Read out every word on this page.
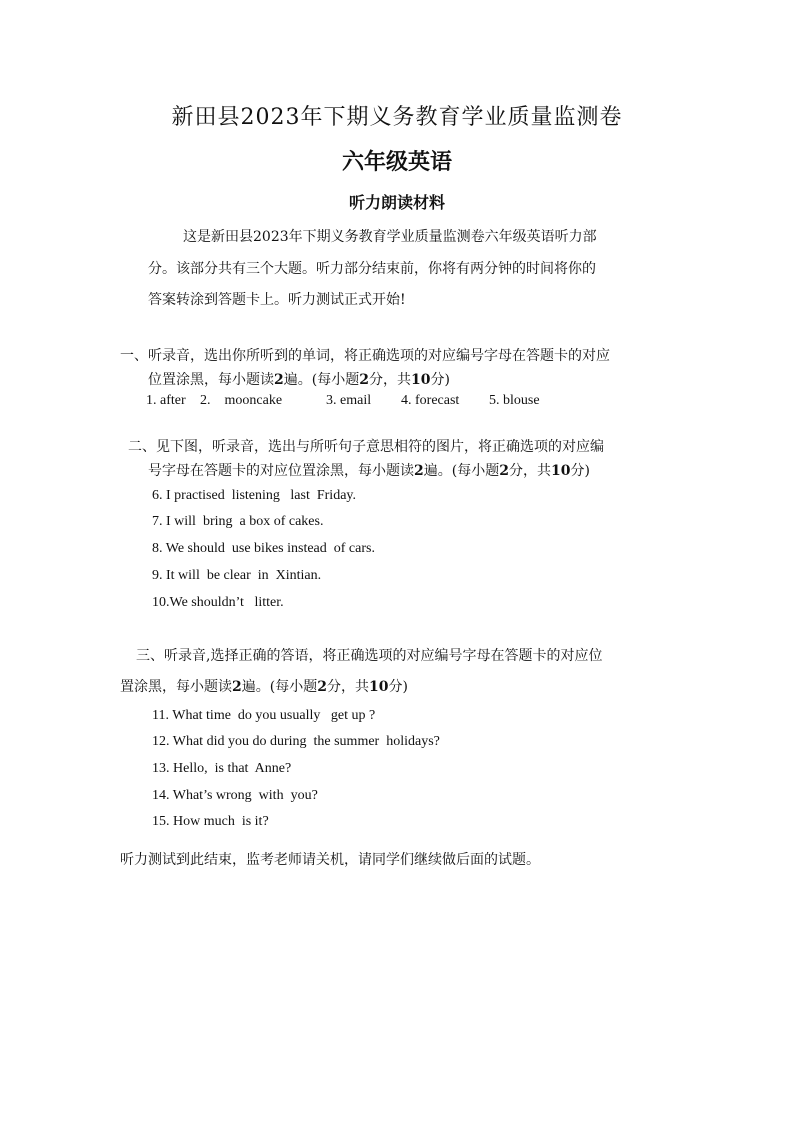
新田县2023年下期义务教育学业质量监测卷
六年级英语
听力朗读材料
这是新田县2023年下期义务教育学业质量监测卷六年级英语听力部
分。该部分共有三个大题。听力部分结束前，你将有两分钟的时间将你的
答案转涂到答题卡上。听力测试正式开始!
一、听录音，选出你所听到的单词，将正确选项的对应编号字母在答题卡的对应
位置涂黑，每小题读2遍。(每小题2分，共10分)
1. after 2.    mooncake	3. email 4. forecast 5. blouse
二、见下图，听录音，选出与所听句子意思相符的图片，将正确选项的对应编
号字母在答题卡的对应位置涂黑，每小题读2遍。(每小题2分，共10分)
6. I practised  listening   last  Friday.
7. I will  bring  a box of cakes.
8. We should  use bikes instead  of cars.
9. It will  be clear  in  Xintian.
10.We shouldn’t   litter.
三、听录音,选择正确的答语，将正确选项的对应编号字母在答题卡的对应位
置涂黑，每小题读2遍。(每小题2分，共10分)
11. What time  do you usually   get up ?
12. What did you do during  the summer  holidays?
13. Hello,  is that  Anne?
14. What’s wrong  with  you?
15. How much  is it?
听力测试到此结束，监考老师请关机，请同学们继续做后面的试题。
